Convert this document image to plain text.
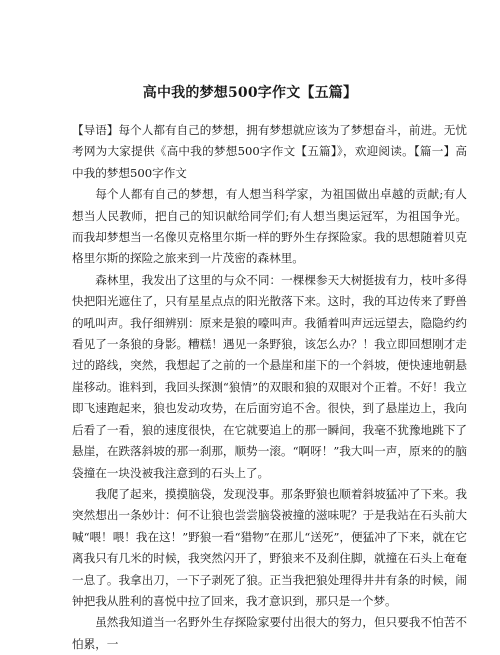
高中我的梦想500字作文【五篇】

【导语】每个人都有自己的梦想，拥有梦想就应该为了梦想奋斗，前进。无忧考网为大家提供《高中我的梦想500字作文【五篇】》，欢迎阅读。【篇一】高中我的梦想500字作文

每个人都有自己的梦想，有人想当科学家，为祖国做出卓越的贡献;有人想当人民教师，把自己的知识献给同学们;有人想当奥运冠军，为祖国争光。而我却梦想当一名像贝克格里尔斯一样的野外生存探险家。我的思想随着贝克格里尔斯的探险之旅来到一片茂密的森林里。

森林里，我发出了这里的与众不同：一棵棵参天大树挺拔有力，枝叶多得快把阳光遮住了，只有星星点点的阳光散落下来。这时，我的耳边传来了野兽的吼叫声。我仔细辨别：原来是狼的嚎叫声。我循着叫声远远望去，隐隐约约看见了一条狼的身影。糟糕！遇见一条野狼，该怎么办？！我立即回想刚才走过的路线，突然，我想起了之前的一个悬崖和崖下的一个斜坡，便快速地朝悬崖移动。谁料到，我回头探测“狼情”的双眼和狼的双眼对个正着。不好！我立即飞速跑起来，狼也发动攻势，在后面穷追不舍。很快，到了悬崖边上，我向后看了一看，狼的速度很快，在它就要追上的那一瞬间，我毫不犹豫地跳下了悬崖，在跌落斜坡的那一刹那，顺势一滚。“啊呀！”我大叫一声，原来的的脑袋撞在一块没被我注意到的石头上了。

我爬了起来，摸摸脑袋，发现没事。那条野狼也顺着斜坡猛冲了下来。我突然想出一条妙计：何不让狼也尝尝脑袋被撞的滋味呢？于是我站在石头前大喊“喂！喂！我在这！”野狼一看“猎物”在那儿“送死”，便猛冲了下来，就在它离我只有几米的时候，我突然闪开了，野狼来不及刹住脚，就撞在石头上奄奄一息了。我拿出刀，一下子剥死了狼。正当我把狼处理得井井有条的时候，闹钟把我从胜利的喜悦中拉了回来，我才意识到，那只是一个梦。

虽然我知道当一名野外生存探险家要付出很大的努力，但只要我不怕苦不怕累，一
